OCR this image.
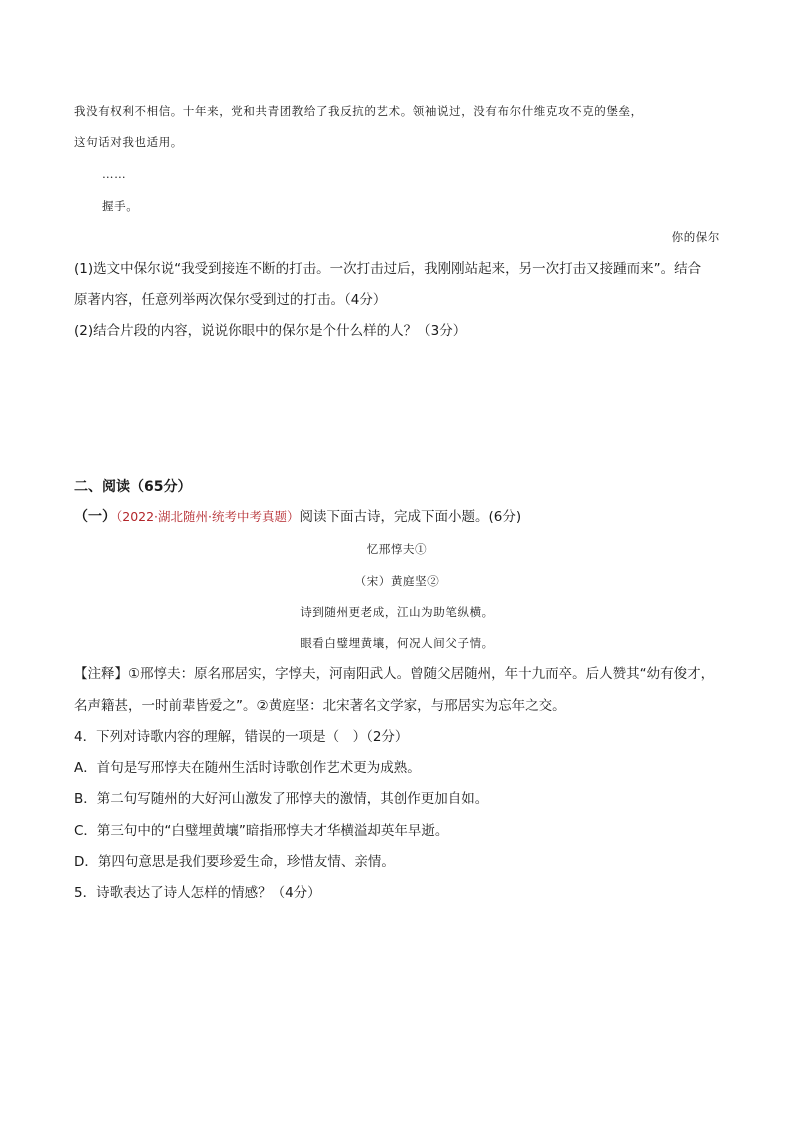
我没有权利不相信。十年来，党和共青团教给了我反抗的艺术。领袖说过，没有布尔什维克攻不克的堡垒，
这句话对我也适用。
……
握手。
你的保尔
(1)选文中保尔说“我受到接连不断的打击。一次打击过后，我刚刚站起来，另一次打击又接踵而来”。结合
原著内容，任意列举两次保尔受到过的打击。（4分）
(2)结合片段的内容，说说你眼中的保尔是个什么样的人？（3分）
二、阅读（65分）
（一）（2022·湖北随州·统考中考真题）阅读下面古诗，完成下面小题。(6分)
忆邢惇夫①
（宋）黄庭坚②
诗到随州更老成，江山为助笔纵横。
眼看白璧埋黄壤，何况人间父子情。
【注释】①邢惇夫：原名邢居实，字惇夫，河南阳武人。曾随父居随州，年十九而卒。后人赞其“幼有俊才，
名声籍甚，一时前辈皆爱之”。②黄庭坚：北宋著名文学家，与邢居实为忘年之交。
4．下列对诗歌内容的理解，错误的一项是（　）（2分）
A．首句是写邢惇夫在随州生活时诗歌创作艺术更为成熟。
B．第二句写随州的大好河山激发了邢惇夫的激情，其创作更加自如。
C．第三句中的“白璧埋黄壤”暗指邢惇夫才华横溢却英年早逝。
D．第四句意思是我们要珍爱生命，珍惜友情、亲情。
5．诗歌表达了诗人怎样的情感？（4分）
